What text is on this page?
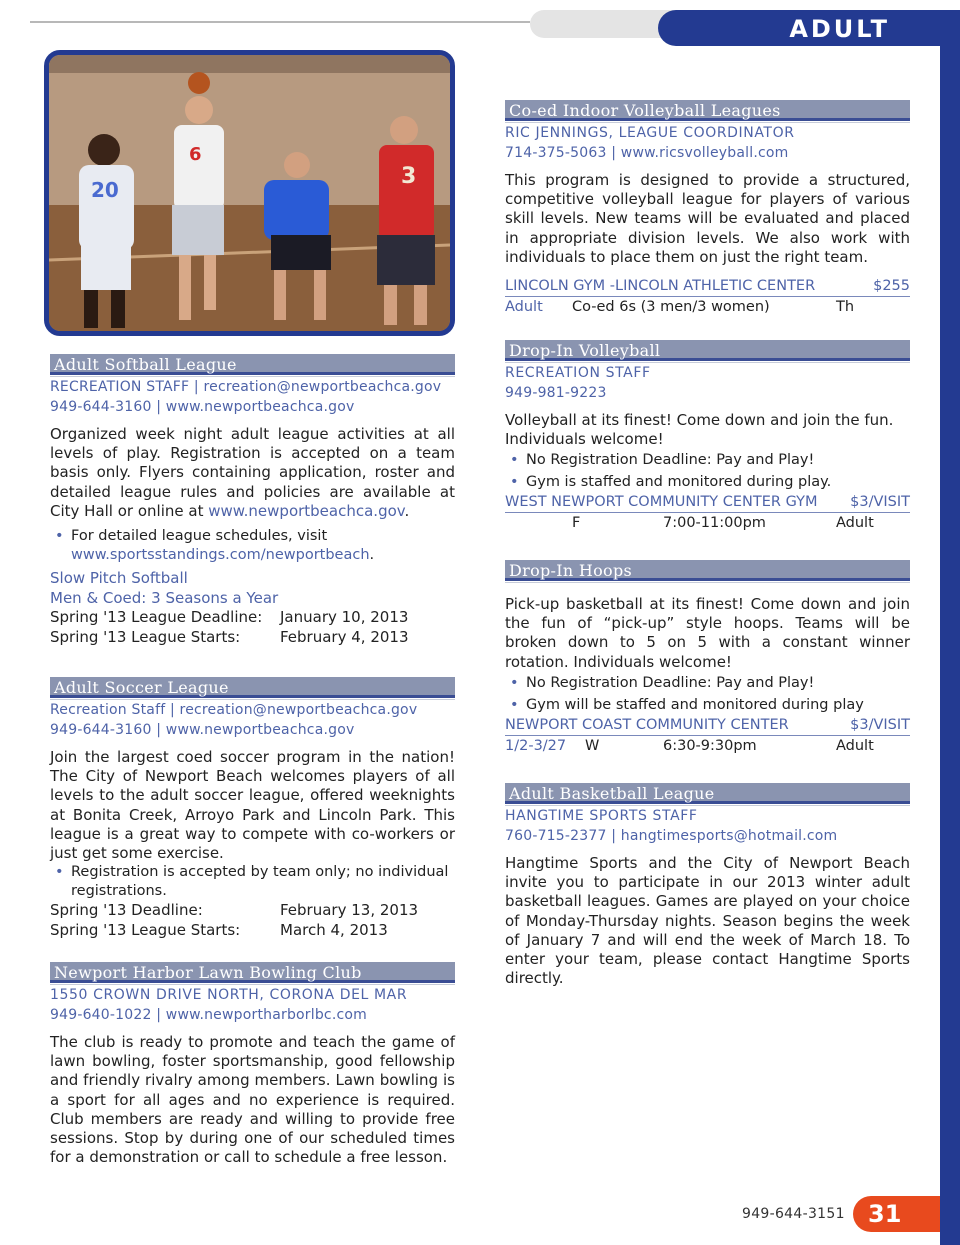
ADULT
20
6
3
Adult Softball League
RECREATION STAFF | recreation@newportbeachca.gov
949-644-3160 | www.newportbeachca.gov

Organized week night adult league activities at all levels of play. Registration is accepted on a team basis only. Flyers containing application, roster and detailed league rules and policies are available at City Hall or online at www.newportbeachca.gov.

• For detailed league schedules, visit
www.sportsstandings.com/newportbeach.
Slow Pitch Softball
Men & Coed: 3 Seasons a Year
Spring '13 League Deadline:	January 10, 2013
Spring '13 League Starts:	February 4, 2013
Adult Soccer League
Recreation Staff | recreation@newportbeachca.gov
949-644-3160 | www.newportbeachca.gov

Join the largest coed soccer program in the nation! The City of Newport Beach welcomes players of all levels to the adult soccer league, offered weeknights at Bonita Creek, Arroyo Park and Lincoln Park. This league is a great way to compete with co-workers or just get some exercise.

• Registration is accepted by team only; no individual registrations.
Spring '13 Deadline:	February 13, 2013
Spring '13 League Starts:	March 4, 2013
Newport Harbor Lawn Bowling Club
1550 CROWN DRIVE NORTH, CORONA DEL MAR
949-640-1022 | www.newportharborlbc.com

The club is ready to promote and teach the game of lawn bowling, foster sportsmanship, good fellowship and friendly rivalry among members. Lawn bowling is a sport for all ages and no experience is required. Club members are ready and willing to provide free sessions. Stop by during one of our scheduled times for a demonstration or call to schedule a free lesson.

Co-ed Indoor Volleyball Leagues
RIC JENNINGS, LEAGUE COORDINATOR
714-375-5063 | www.ricsvolleyball.com

This program is designed to provide a structured, competitive volleyball league for players of various skill levels. New teams will be evaluated and placed in appropriate division levels. We also work with individuals to place them on just the right team.

LINCOLN GYM -LINCOLN ATHLETIC CENTER	$255
Adult Co-ed 6s (3 men/3 women)	Th
Drop-In Volleyball
RECREATION STAFF
949-981-9223

Volleyball at its finest! Come down and join the fun. Individuals welcome!

• No Registration Deadline: Pay and Play!
• Gym is staffed and monitored during play.
WEST NEWPORT COMMUNITY CENTER GYM $3/VISIT
F	7:00-11:00pm	Adult
Drop-In Hoops

Pick-up basketball at its finest! Come down and join the fun of “pick-up” style hoops. Teams will be broken down to 5 on 5 with a constant winner rotation. Individuals welcome!

• No Registration Deadline: Pay and Play!
• Gym will be staffed and monitored during play
NEWPORT COAST COMMUNITY CENTER	$3/VISIT
1/2-3/27 W	6:30-9:30pm	Adult
Adult Basketball League
HANGTIME SPORTS STAFF
760-715-2377 | hangtimesports@hotmail.com

Hangtime Sports and the City of Newport Beach invite you to participate in our 2013 winter adult basketball leagues. Games are played on your choice of Monday-Thursday nights. Season begins the week of January 7 and will end the week of March 18. To enter your team, please contact Hangtime Sports directly.

949-644-3151 31
